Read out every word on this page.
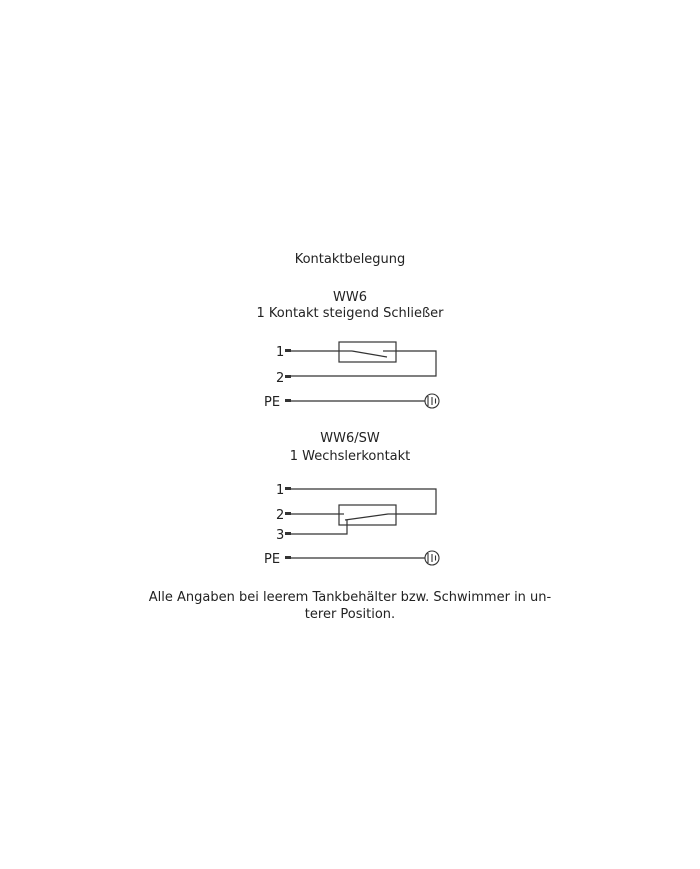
Kontaktbelegung
WW6
1 Kontakt steigend Schließer
WW6/SW
1 Wechslerkontakt
1
2
PE
1
2
3
PE
Alle Angaben bei leerem Tankbehälter bzw. Schwimmer in un-
terer Position.
